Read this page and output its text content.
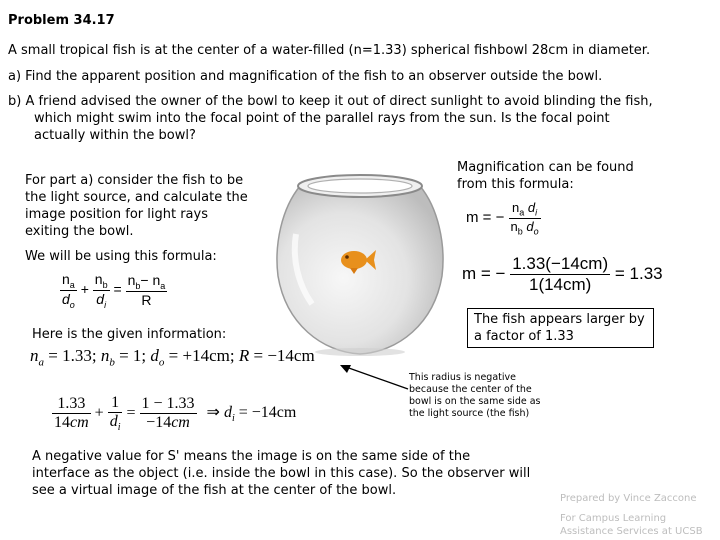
Problem 34.17
A small tropical fish is at the center of a water-filled (n=1.33) spherical fishbowl 28cm in diameter.
a) Find the apparent position and magnification of the fish to an observer outside the bowl.
b) A friend advised the owner of the bowl to keep it out of direct sunlight to avoid blinding the fish,
which might swim into the focal point of the parallel rays from the sun. Is the focal point
actually within the bowl?
For part a) consider the fish to be the light source, and calculate the image position for light rays exiting the bowl.
Magnification can be found from this formula:
m = − $\frac{n_a d_i}{n_b d_o}$
m = − $\frac{1.33(-14cm)}{1(14cm)} = 1.33$
We will be using this formula:
$\frac{n_a}{d_o} + \frac{n_b}{d_i} = \frac{n_b- n_a}{R}$
The fish appears larger by a factor of 1.33
Here is the given information:
$n_a = 1.33$; $n_b = 1$; $d_o = +14cm$; R = −14cm
This radius is negative because the center of the bowl is on the same side as the light source (the fish)
$\frac{1.33}{14cm} + \frac{1}{d_i} = \frac{1 - 1.33}{-14cm}$ ⇒ $d_i = -14cm$
A negative value for S' means the image is on the same side of the interface as the object (i.e. inside the bowl in this case). So the observer will see a virtual image of the fish at the center of the bowl.
Prepared by Vince Zaccone
For Campus Learning
Assistance Services at UCSB
